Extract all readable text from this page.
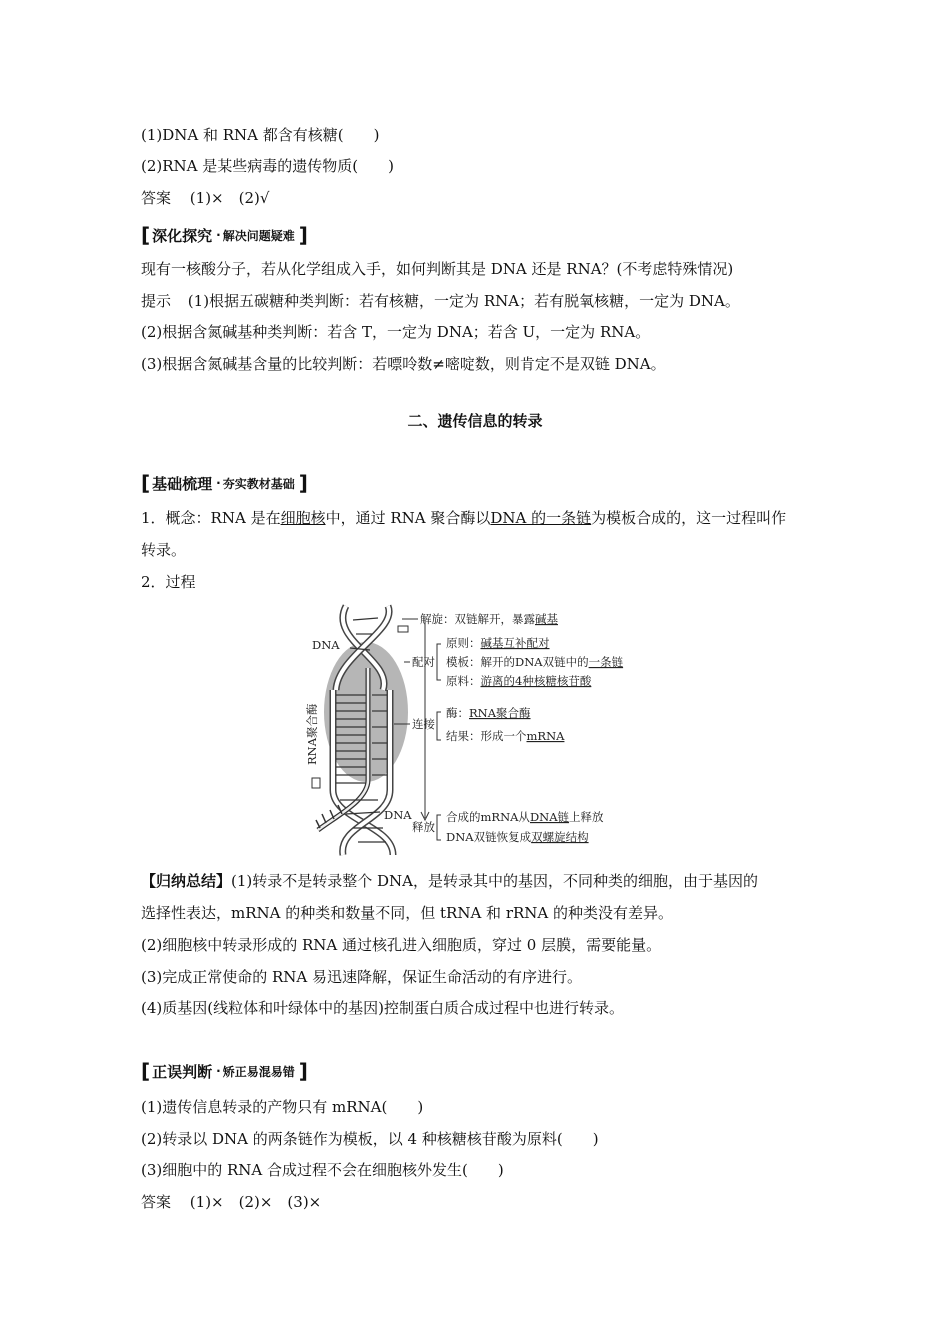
(1)DNA 和 RNA 都含有核糖(　　)
(2)RNA 是某些病毒的遗传物质(　　)
答案 (1)×　(2)√
[ 深化探究 · 解决问题疑难 ]
现有一核酸分子，若从化学组成入手，如何判断其是 DNA 还是 RNA？(不考虑特殊情况)
提示 (1)根据五碳糖种类判断：若有核糖，一定为 RNA；若有脱氧核糖，一定为 DNA。
(2)根据含氮碱基种类判断：若含 T，一定为 DNA；若含 U，一定为 RNA。
(3)根据含氮碱基含量的比较判断：若嘌呤数≠嘧啶数，则肯定不是双链 DNA。
二、遗传信息的转录
[ 基础梳理 · 夯实教材基础 ]
1．概念：RNA 是在细胞核中，通过 RNA 聚合酶以DNA 的一条链为模板合成的，这一过程叫作
转录。
2．过程
DNA
DNA
RNA聚合酶
解旋：双链解开，暴露碱基
配对
原则：碱基互补配对
模板：解开的DNA双链中的一条链
原料：游离的4种核糖核苷酸
连接
酶：RNA聚合酶
结果：形成一个mRNA
释放
合成的mRNA从DNA链上释放
DNA双链恢复成双螺旋结构
【归纳总结】(1)转录不是转录整个 DNA，是转录其中的基因，不同种类的细胞，由于基因的
选择性表达，mRNA 的种类和数量不同，但 tRNA 和 rRNA 的种类没有差异。
(2)细胞核中转录形成的 RNA 通过核孔进入细胞质，穿过 0 层膜，需要能量。
(3)完成正常使命的 RNA 易迅速降解，保证生命活动的有序进行。
(4)质基因(线粒体和叶绿体中的基因)控制蛋白质合成过程中也进行转录。
[ 正误判断 · 矫正易混易错 ]
(1)遗传信息转录的产物只有 mRNA(　　)
(2)转录以 DNA 的两条链作为模板，以 4 种核糖核苷酸为原料(　　)
(3)细胞中的 RNA 合成过程不会在细胞核外发生(　　)
答案 (1)×　(2)×　(3)×
